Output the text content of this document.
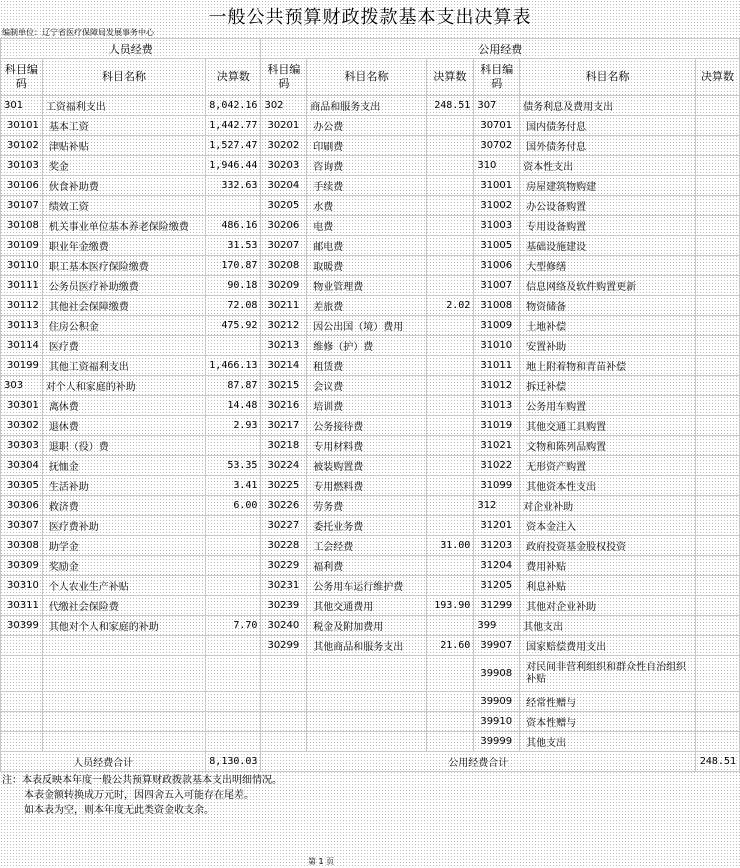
一般公共预算财政拨款基本支出决算表
编制单位：辽宁省医疗保障局发展事务中心
人员经费			公用经费					
科目编码	科目名称	决算数	科目编码	科目名称	决算数	科目编码	科目名称	决算数
301	工资福利支出	8,042.16	302	商品和服务支出	248.51	307	债务利息及费用支出	
30101	基本工资	1,442.77	30201	办公费		30701	国内债务付息	
30102	津贴补贴	1,527.47	30202	印刷费		30702	国外债务付息	
30103	奖金	1,946.44	30203	咨询费		310	资本性支出	
30106	伙食补助费	332.63	30204	手续费		31001	房屋建筑物购建	
30107	绩效工资		30205	水费		31002	办公设备购置	
30108	机关事业单位基本养老保险缴费	486.16	30206	电费		31003	专用设备购置	
30109	职业年金缴费	31.53	30207	邮电费		31005	基础设施建设	
30110	职工基本医疗保险缴费	170.87	30208	取暖费		31006	大型修缮	
30111	公务员医疗补助缴费	90.18	30209	物业管理费		31007	信息网络及软件购置更新	
30112	其他社会保障缴费	72.08	30211	差旅费	2.02	31008	物资储备	
30113	住房公积金	475.92	30212	因公出国（境）费用		31009	土地补偿	
30114	医疗费		30213	维修（护）费		31010	安置补助	
30199	其他工资福利支出	1,466.13	30214	租赁费		31011	地上附着物和青苗补偿	
303	对个人和家庭的补助	87.87	30215	会议费		31012	拆迁补偿	
30301	离休费	14.48	30216	培训费		31013	公务用车购置	
30302	退休费	2.93	30217	公务接待费		31019	其他交通工具购置	
30303	退职（役）费		30218	专用材料费		31021	文物和陈列品购置	
30304	抚恤金	53.35	30224	被装购置费		31022	无形资产购置	
30305	生活补助	3.41	30225	专用燃料费		31099	其他资本性支出	
30306	救济费	6.00	30226	劳务费		312	对企业补助	
30307	医疗费补助		30227	委托业务费		31201	资本金注入	
30308	助学金		30228	工会经费	31.00	31203	政府投资基金股权投资	
30309	奖励金		30229	福利费		31204	费用补贴	
30310	个人农业生产补贴		30231	公务用车运行维护费		31205	利息补贴	
30311	代缴社会保险费		30239	其他交通费用	193.90	31299	其他对企业补助	
30399	其他对个人和家庭的补助	7.70	30240	税金及附加费用		399	其他支出	
			30299	其他商品和服务支出	21.60	39907	国家赔偿费用支出	
						39908	对民间非营利组织和群众性自治组织补贴	
						39909	经常性赠与	
						39910	资本性赠与	
						39999	其他支出	
人员经费合计		8,130.03	公用经费合计					248.51
注：本表反映本年度一般公共预算财政拨款基本支出明细情况。
本表金额转换成万元时，因四舍五入可能存在尾差。
如本表为空，则本年度无此类资金收支余。
第 1 页
